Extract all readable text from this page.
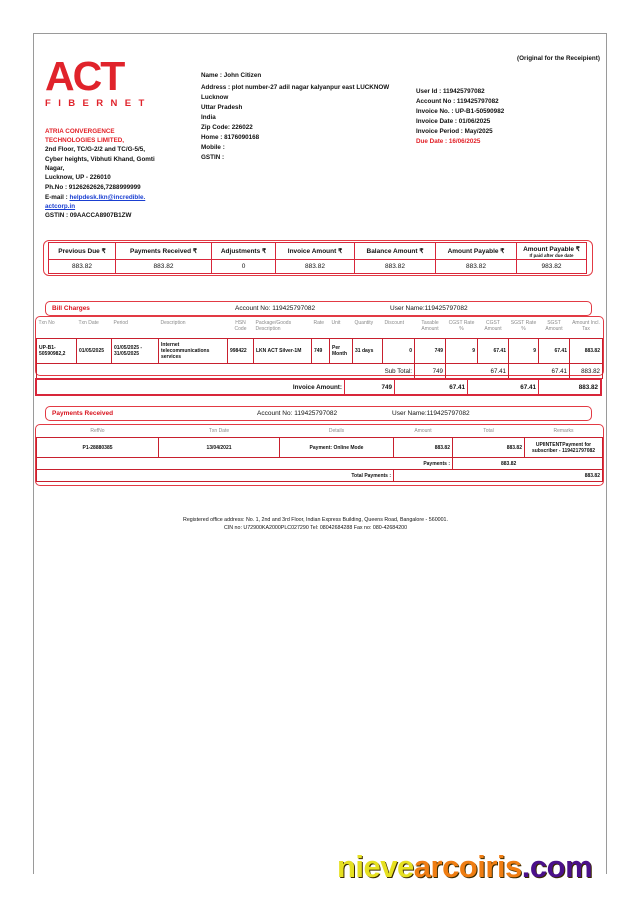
(Original for the Receipient)
ACT
FIBERNET
ATRIA CONVERGENCE
TECHNOLOGIES LIMITED,
2nd Floor, TC/G-2/2 and TC/G-5/5,
Cyber heights, Vibhuti Khand, Gomti
Nagar,
Lucknow, UP - 226010
Ph.No : 9126262626,7288999999
E-mail : helpdesk.lkn@incredible.
actcorp.in
GSTIN : 09AACCA8907B1ZW
Name : John Citizen
Address : plot number-27 adil nagar kalyanpur east LUCKNOW
Lucknow
Uttar Pradesh
India
Zip Code: 226022
Home : 8176090168
Mobile :
GSTIN :
User Id : 119425797082
Account No : 119425797082
Invoice No. : UP-B1-50590982
Invoice Date : 01/06/2025
Invoice Period : May/2025
Due Date : 16/06/2025
Previous Due ₹	Payments Received ₹	Adjustments ₹	Invoice Amount ₹	Balance Amount ₹	Amount Payable ₹	Amount Payable ₹
If paid after due date

883.82	883.82	0	883.82	883.82	883.82	983.82
Bill Charges	Account No: 119425797082	User Name:119425797082
Txn No	Txn Date	Period	Description	HSN Code	Package/Goods Description	Rate	Unit	Quantity	Discount	Taxable Amount	CGST Rate %	CGST Amount	SGST Rate %	SGST Amount	Amount Incl. Tax
UP-B1-50590982,2	01/05/2025	01/05/2025 - 31/05/2025	Internet telecommunications services	998422	LKN ACT Silver-1M	749	Per Month	31 days	0	749	9	67.41	9	67.41	883.82
Sub Total:										749	67.41		67.41		883.82
Invoice Amount:	749	67.41	67.41	883.82
Payments Received	Account No: 119425797082	User Name:119425797082
RefNo	Txn Date	Details	Amount	Total	Remarks
P1-28880385	13/04/2021	Payment: Online Mode	883.82	883.82	UPIINTENTPayment for subscriber - 119421797082
Payments :				883.82	
Total Payments :			883.82		
Registered office address: No. 1, 2nd and 3rd Floor, Indian Express Building, Queens Road, Bangalore - 560001.
CIN no: U72900KA2000PLC027290 Tel: 08042684288 Fax no: 080-42684200
nievearcoiris.com
